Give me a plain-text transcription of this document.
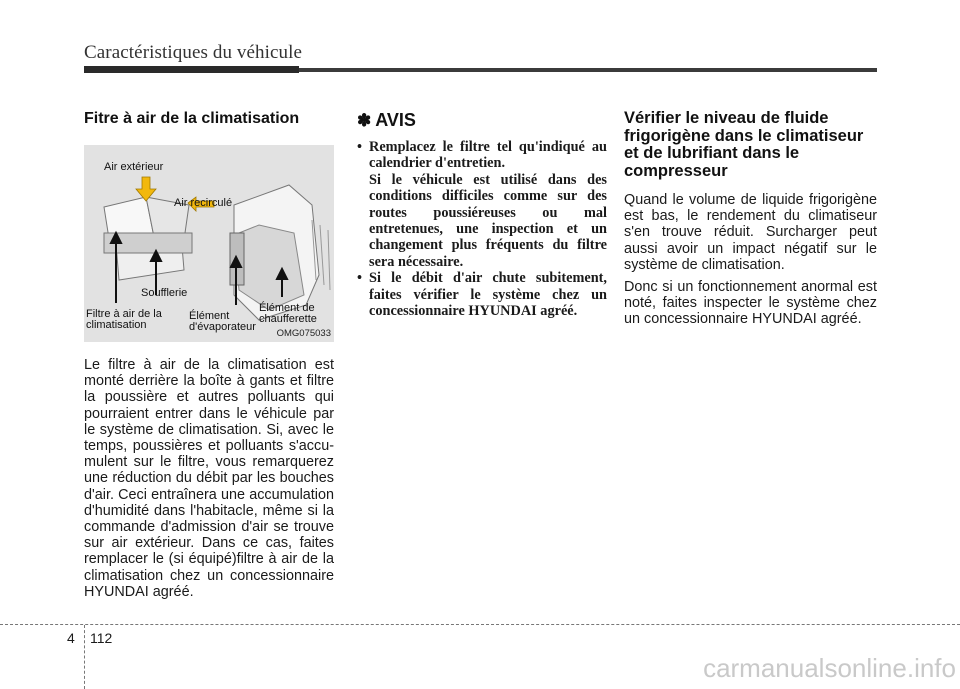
Caractéristiques du véhicule
Fitre à air de la climatisation
Air extérieur
Air recirculé
Soufflerie
Filtre à air de la
climatisation
Élément
d'évaporateur
Élément de
chaufferette
OMG075033

Le filtre à air de la climatisation est monté derrière la boîte à gants et filtre la poussière et autres polluants qui pourraient entrer dans le véhicule par le système de climatisation. Si, avec le temps, poussières et polluants s'accu-mulent sur le filtre, vous remarquerez une réduction du débit par les bouches d'air. Ceci entraînera une accumulation d'humidité dans l'habitacle, même si la commande d'admission d'air se trouve sur air extérieur. Dans ce cas, faites remplacer le (si équipé)filtre à air de la climatisation chez un concessionnaire HYUNDAI agréé.

✽ AVIS
• Remplacez le filtre tel qu'indiqué au calendrier d'entretien.
Si le véhicule est utilisé dans des conditions difficiles comme sur des routes poussiéreuses ou mal entretenues, une inspection et un changement plus fréquents du filtre sera nécessaire.
• Si le débit d'air chute subitement, faites vérifier le système chez un concessionnaire HYUNDAI agréé.
Vérifier le niveau de fluide frigorigène dans le climatiseur et de lubrifiant dans le compresseur

Quand le volume de liquide frigorigène est bas, le rendement du climatiseur s'en trouve réduit. Surcharger peut aussi avoir un impact négatif sur le système de climatisation.

Donc si un fonctionnement anormal est noté, faites inspecter le système chez un concessionnaire HYUNDAI agréé.

4 112
carmanualsonline.info
